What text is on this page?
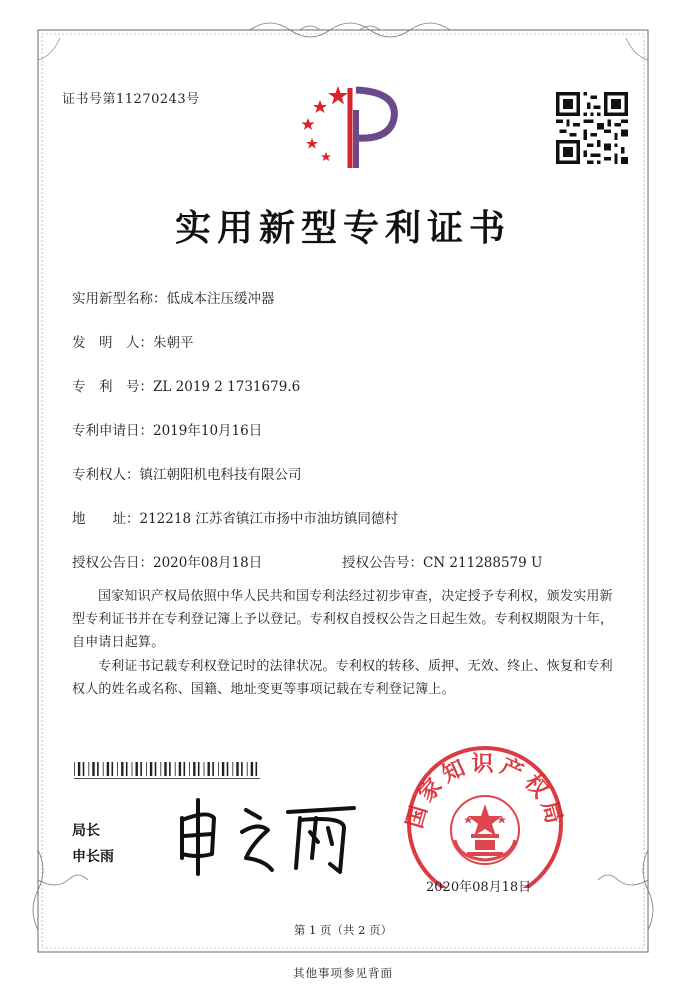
证书号第11270243号
实用新型专利证书
实用新型名称：低成本注压缓冲器
发　明　人：朱朝平
专　利　号：ZL 2019 2 1731679.6
专利申请日：2019年10月16日
专利权人：镇江朝阳机电科技有限公司
地　　址：212218 江苏省镇江市扬中市油坊镇同德村
授权公告日：2020年08月18日	授权公告号：CN 211288579 U
国家知识产权局依照中华人民共和国专利法经过初步审查，决定授予专利权，颁发实用新型专利证书并在专利登记簿上予以登记。专利权自授权公告之日起生效。专利权期限为十年，自申请日起算。
专利证书记载专利权登记时的法律状况。专利权的转移、质押、无效、终止、恢复和专利权人的姓名或名称、国籍、地址变更等事项记载在专利登记簿上。
局长
申长雨
国家知识产权局
2020年08月18日
第 1 页（共 2 页）
其他事项参见背面
